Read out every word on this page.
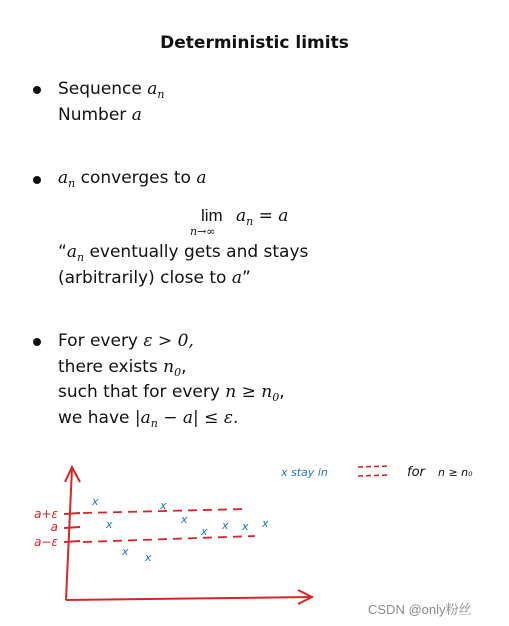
Deterministic limits
Sequence $a_n$
Number a
$a_n$ converges to a
lim
n→∞
$a_n = a$
“$a_n$ eventually gets and stays
(arbitrarily) close to a”
For every ε > 0,
there exists $n_0$,
such that for every $n \ge n_0$,
we have $|a_n - a| \le \varepsilon$.
a+ε
a
a−ε
x
x
x x
x
x
x x x x
x stay in	for n ≥ n₀
CSDN @only粉丝
